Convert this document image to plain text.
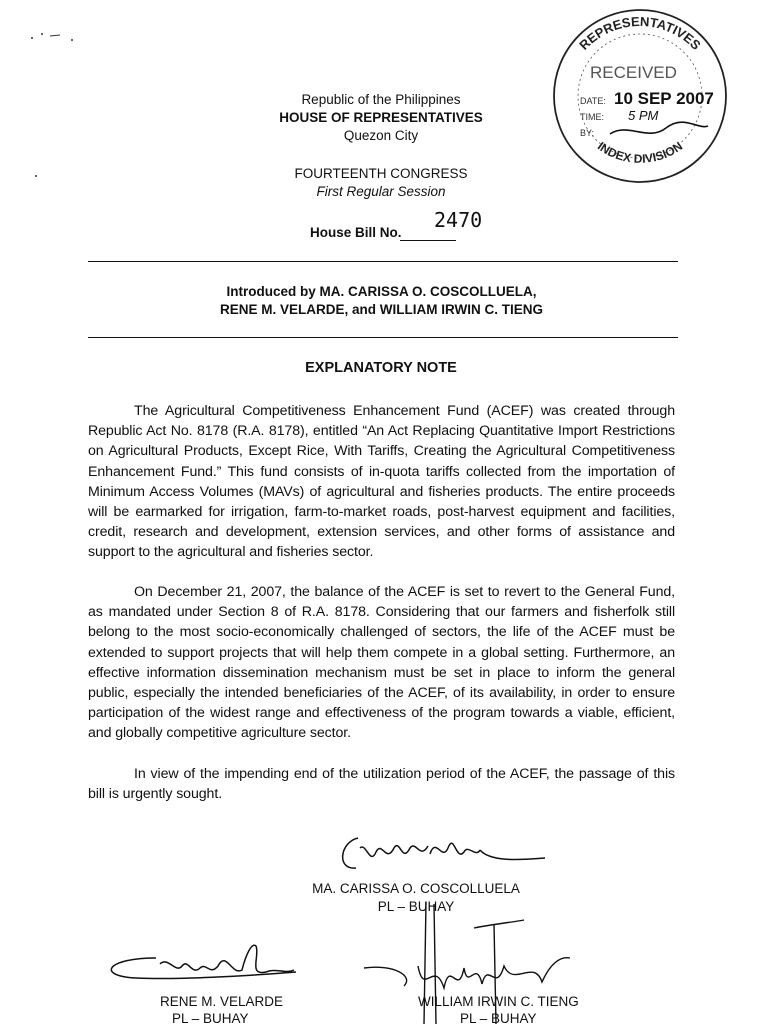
REPRESENTATIVES
INDEX DIVISION
RECEIVED
DATE: 10 SEP 2007
TIME: 5 PM
BY:
Republic of the Philippines
HOUSE OF REPRESENTATIVES
Quezon City
FOURTEENTH CONGRESS
First Regular Session
House Bill No.
2470
Introduced by MA. CARISSA O. COSCOLLUELA,
RENE M. VELARDE, and WILLIAM IRWIN C. TIENG
EXPLANATORY NOTE
The Agricultural Competitiveness Enhancement Fund (ACEF) was created through Republic Act No. 8178 (R.A. 8178), entitled “An Act Replacing Quantitative Import Restrictions on Agricultural Products, Except Rice, With Tariffs, Creating the Agricultural Competitiveness Enhancement Fund.” This fund consists of in-quota tariffs collected from the importation of Minimum Access Volumes (MAVs) of agricultural and fisheries products. The entire proceeds will be earmarked for irrigation, farm-to-market roads, post-harvest equipment and facilities, credit, research and development, extension services, and other forms of assistance and support to the agricultural and fisheries sector.
On December 21, 2007, the balance of the ACEF is set to revert to the General Fund, as mandated under Section 8 of R.A. 8178. Considering that our farmers and fisherfolk still belong to the most socio-economically challenged of sectors, the life of the ACEF must be extended to support projects that will help them compete in a global setting. Furthermore, an effective information dissemination mechanism must be set in place to inform the general public, especially the intended beneficiaries of the ACEF, of its availability, in order to ensure participation of the widest range and effectiveness of the program towards a viable, efficient, and globally competitive agriculture sector.
In view of the impending end of the utilization period of the ACEF, the passage of this bill is urgently sought.
MA. CARISSA O. COSCOLLUELA
PL – BUHAY
RENE M. VELARDE
PL – BUHAY
WILLIAM IRWIN C. TIENG
PL – BUHAY
